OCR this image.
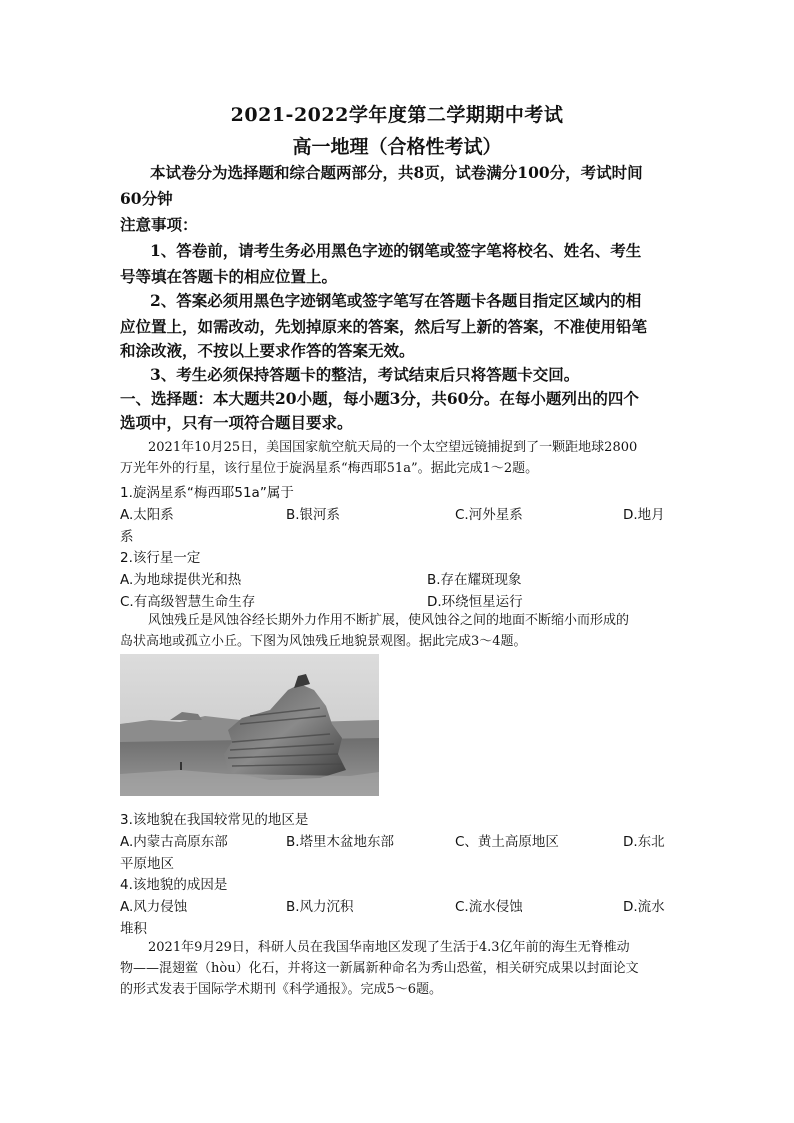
2021-2022学年度第二学期期中考试
高一地理（合格性考试）
本试卷分为选择题和综合题两部分，共8页，试卷满分100分，考试时间
60分钟
注意事项：
1、答卷前，请考生务必用黑色字迹的钢笔或签字笔将校名、姓名、考生
号等填在答题卡的相应位置上。
2、答案必须用黑色字迹钢笔或签字笔写在答题卡各题目指定区域内的相
应位置上，如需改动，先划掉原来的答案，然后写上新的答案，不准使用铅笔
和涂改液，不按以上要求作答的答案无效。
3、考生必须保持答题卡的整洁，考试结束后只将答题卡交回。
一、选择题：本大题共20小题，每小题3分，共60分。在每小题列出的四个
选项中，只有一项符合题目要求。
2021年10月25日，美国国家航空航天局的一个太空望远镜捕捉到了一颗距地球2800
万光年外的行星，该行星位于旋涡星系“梅西耶51a”。据此完成1～2题。
1.旋涡星系“梅西耶51a”属于
A.太阳系	B.银河系	C.河外星系	D.地月
系
2.该行星一定
A.为地球提供光和热	B.存在耀斑现象
C.有高级智慧生命生存	D.环绕恒星运行
风蚀残丘是风蚀谷经长期外力作用不断扩展，使风蚀谷之间的地面不断缩小而形成的
岛状高地或孤立小丘。下图为风蚀残丘地貌景观图。据此完成3～4题。
3.该地貌在我国较常见的地区是
A.内蒙古高原东部	B.塔里木盆地东部	C、黄土高原地区	D.东北
平原地区
4.该地貌的成因是
A.风力侵蚀	B.风力沉积	C.流水侵蚀	D.流水
堆积
2021年9月29日，科研人员在我国华南地区发现了生活于4.3亿年前的海生无脊椎动
物——混翅鲎（hòu）化石，并将这一新属新种命名为秀山恐鲎，相关研究成果以封面论文
的形式发表于国际学术期刊《科学通报》。完成5～6题。
